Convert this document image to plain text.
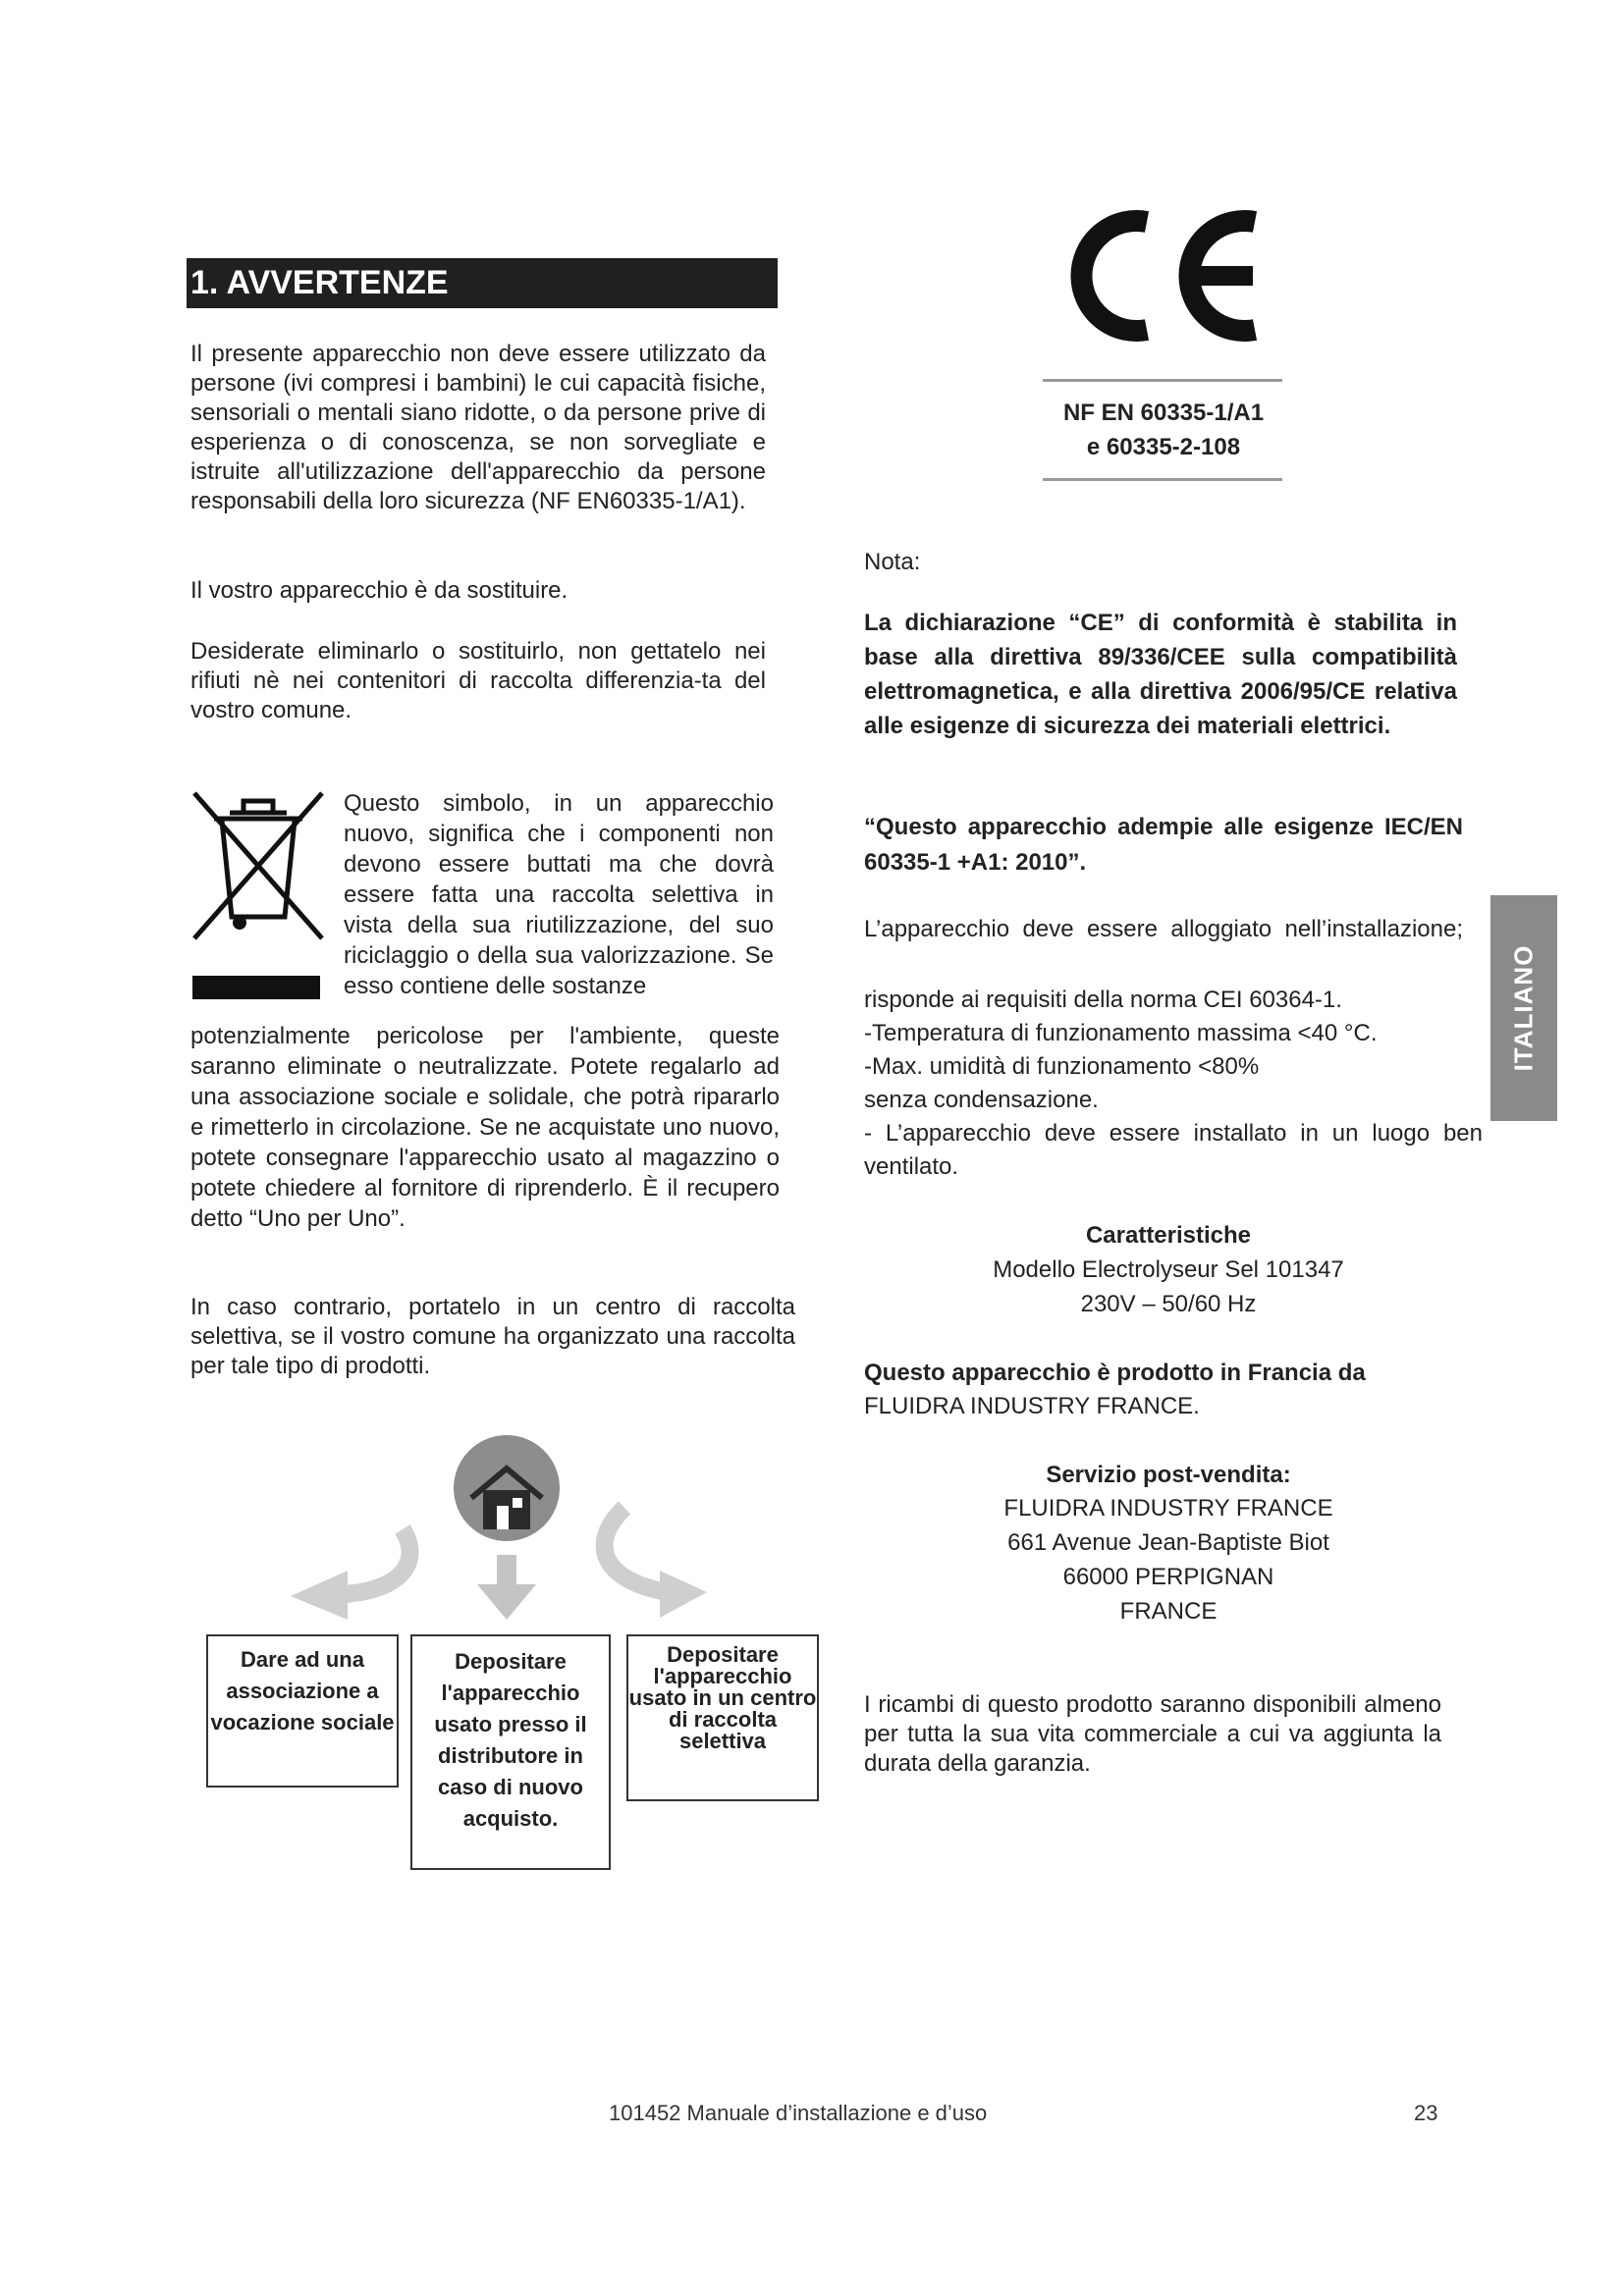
1. AVVERTENZE
Il presente apparecchio non deve essere utilizzato da persone (ivi compresi i bambini) le cui capacità fisiche, sensoriali o mentali siano ridotte, o da persone prive di esperienza o di conoscenza, se non sorvegliate e istruite all'utilizzazione dell'apparecchio da persone responsabili della loro sicurezza (NF EN60335-1/A1).
Il vostro apparecchio è da sostituire.
Desiderate eliminarlo o sostituirlo, non gettatelo nei rifiuti nè nei contenitori di raccolta differenzia-ta del vostro comune.
Questo simbolo, in un apparecchio nuovo, significa che i componenti non devono essere buttati ma che dovrà essere fatta una raccolta selettiva in vista della sua riutilizzazione, del suo riciclaggio o della sua valorizzazione. Se esso contiene delle sostanze
potenzialmente pericolose per l'ambiente, queste saranno eliminate o neutralizzate. Potete regalarlo ad una associazione sociale e solidale, che potrà ripararlo e rimetterlo in circolazione. Se ne acquistate uno nuovo, potete consegnare l'apparecchio usato al magazzino o potete chiedere al fornitore di riprenderlo. È il recupero detto “Uno per Uno”.
In caso contrario, portatelo in un centro di raccolta selettiva, se il vostro comune ha organizzato una raccolta per tale tipo di prodotti.
Dare ad una associazione a vocazione sociale
Depositare l'apparecchio usato presso il distributore in caso di nuovo acquisto.
Depositare l'apparecchio usato in un centro di raccolta selettiva
NF EN 60335-1/A1
e 60335-2-108
Nota:
La dichiarazione “CE” di conformità è stabilita in base alla direttiva 89/336/CEE sulla compatibilità elettromagnetica, e alla direttiva 2006/95/CE relativa alle esigenze di sicurezza dei materiali elettrici.
“Questo apparecchio adempie alle esigenze IEC/EN 60335-1 +A1: 2010”.
L’apparecchio deve essere alloggiato nell’installazione;
risponde ai requisiti della norma CEI 60364-1.
-Temperatura di funzionamento massima <40 °C.
-Max. umidità di funzionamento <80% senza condensazione.
- L’apparecchio deve essere installato in un luogo ben ventilato.
Caratteristiche
Modello Electrolyseur Sel 101347
230V – 50/60 Hz
Questo apparecchio è prodotto in Francia da
FLUIDRA INDUSTRY FRANCE.
Servizio post-vendita:
FLUIDRA INDUSTRY FRANCE
661 Avenue Jean-Baptiste Biot
66000 PERPIGNAN
FRANCE
I ricambi di questo prodotto saranno disponibili almeno per tutta la sua vita commerciale a cui va aggiunta la durata della garanzia.
ITALIANO
101452 Manuale d’installazione e d’uso	23
